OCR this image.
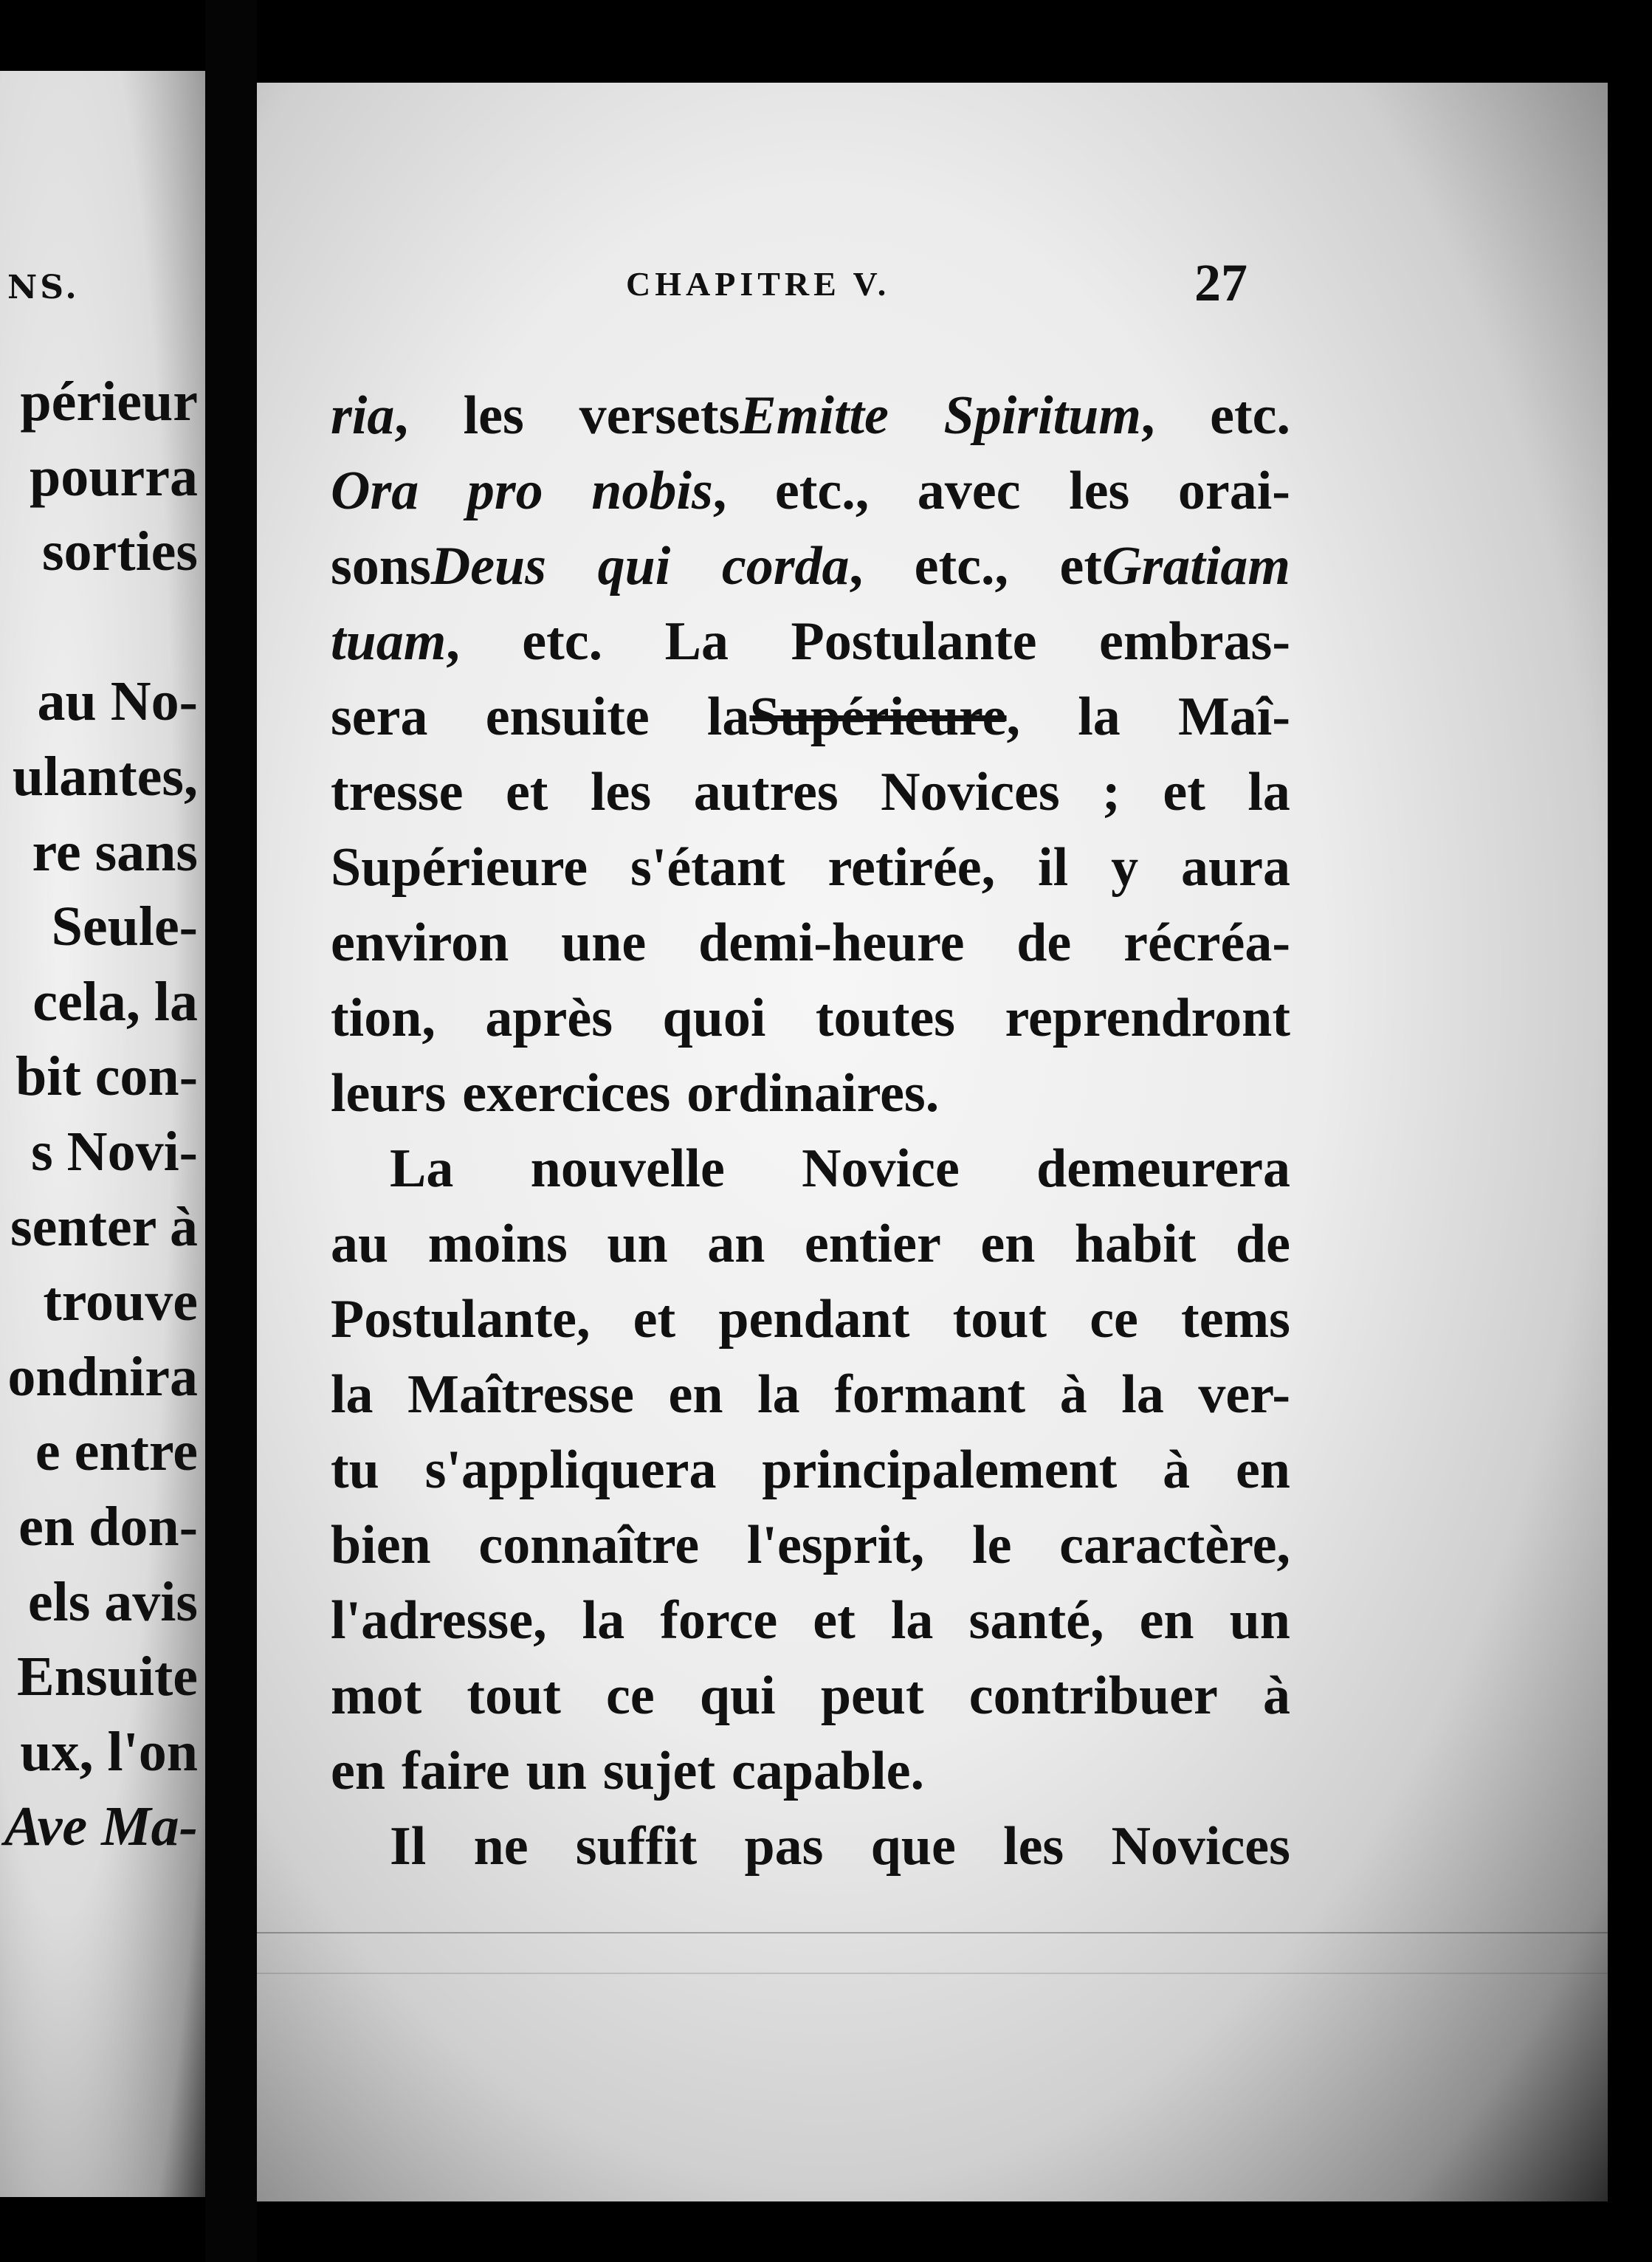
NS.

périeur
pourra
sorties

au No-
ulantes,
re sans
Seule-
cela, la
bit con-
s Novi-
senter à
trouve
ondnira
e entre
en don-
els avis
Ensuite
ux, l'on
Ave Ma-

CHAPITRE V.	27

ria, les versetsEmitte Spiritum, etc.
Ora pro nobis, etc., avec les orai-
sonsDeus qui corda, etc., etGratiam
tuam, etc. La Postulante embras-
sera ensuite laSupérieure, la Maî-
tresse et les autres Novices ; et la
Supérieure s'étant retirée, il y aura
environ une demi-heure de récréa-
tion, après quoi toutes reprendront
leurs exercices ordinaires.
La nouvelle Novice demeurera
au moins un an entier en habit de
Postulante, et pendant tout ce tems
la Maîtresse en la formant à la ver-
tu s'appliquera principalement à en
bien connaître l'esprit, le caractère,
l'adresse, la force et la santé, en un
mot tout ce qui peut contribuer à
en faire un sujet capable.
Il ne suffit pas que les Novices
